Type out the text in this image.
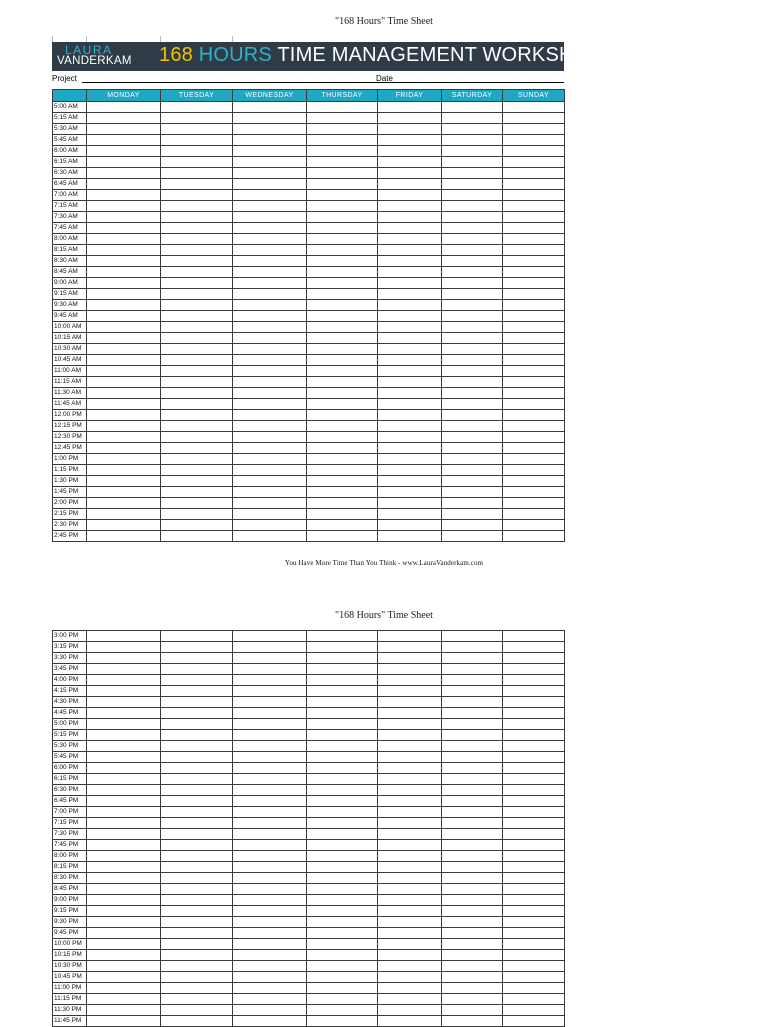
"168 Hours" Time Sheet
LAURA
VANDERKAM 168 HOURS TIME MANAGEMENT WORKSHEET
Project	Date
	MONDAY	TUESDAY	WEDNESDAY	THURSDAY	FRIDAY	SATURDAY	SUNDAY
5:00 AM							
5:15 AM							
5:30 AM							
5:45 AM							
6:00 AM							
6:15 AM							
6:30 AM							
6:45 AM							
7:00 AM							
7:15 AM							
7:30 AM							
7:45 AM							
8:00 AM							
8:15 AM							
8:30 AM							
8:45 AM							
9:00 AM							
9:15 AM							
9:30 AM							
9:45 AM							
10:00 AM							
10:15 AM							
10:30 AM							
10:45 AM							
11:00 AM							
11:15 AM							
11:30 AM							
11:45 AM							
12:00 PM							
12:15 PM							
12:30 PM							
12:45 PM							
1:00 PM							
1:15 PM							
1:30 PM							
1:45 PM							
2:00 PM							
2:15 PM							
2:30 PM							
2:45 PM							
You Have More Time Than You Think - www.LauraVanderkam.com
"168 Hours" Time Sheet
3:00 PM							
3:15 PM							
3:30 PM							
3:45 PM							
4:00 PM							
4:15 PM							
4:30 PM							
4:45 PM							
5:00 PM							
5:15 PM							
5:30 PM							
5:45 PM							
6:00 PM							
6:15 PM							
6:30 PM							
6:45 PM							
7:00 PM							
7:15 PM							
7:30 PM							
7:45 PM							
8:00 PM							
8:15 PM							
8:30 PM							
8:45 PM							
9:00 PM							
9:15 PM							
9:30 PM							
9:45 PM							
10:00 PM							
10:15 PM							
10:30 PM							
10:45 PM							
11:00 PM							
11:15 PM							
11:30 PM							
11:45 PM							
